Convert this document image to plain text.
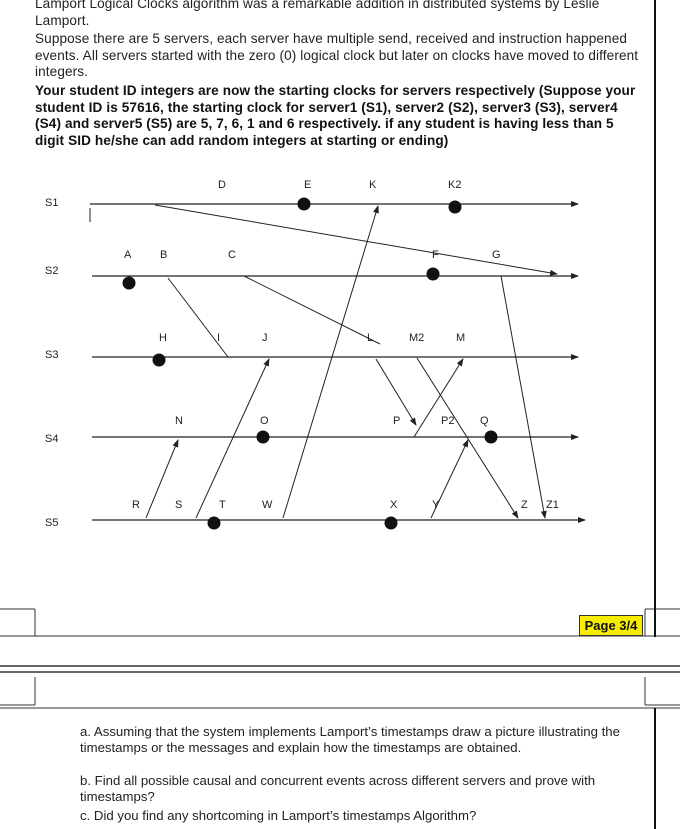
Lamport Logical Clocks algorithm was a remarkable addition in distributed systems by Leslie Lamport.
Suppose there are 5 servers, each server have multiple send, received and instruction happened events. All servers started with the zero (0) logical clock but later on clocks have moved to different integers.
Your student ID integers are now the starting clocks for servers respectively (Suppose your student ID is 57616, the starting clock for server1 (S1), server2 (S2), server3 (S3), server4 (S4) and server5 (S5) are 5, 7, 6, 1 and 6 respectively. if any student is having less than 5 digit SID he/she can add random integers at starting or ending)
S1
S2
S3
S4
S5
D	E	K	K2
A	B	C	F	G
H	I	J	L	M2	M
N	O	P	P2 Q
R	S	T	W	X	Y	Z Z1
Page 3/4
a. Assuming that the system implements Lamport’s timestamps draw a picture illustrating the timestamps or the messages and explain how the timestamps are obtained.
b. Find all possible causal and concurrent events across different servers and prove with timestamps?
c. Did you find any shortcoming in Lamport’s timestamps Algorithm?
